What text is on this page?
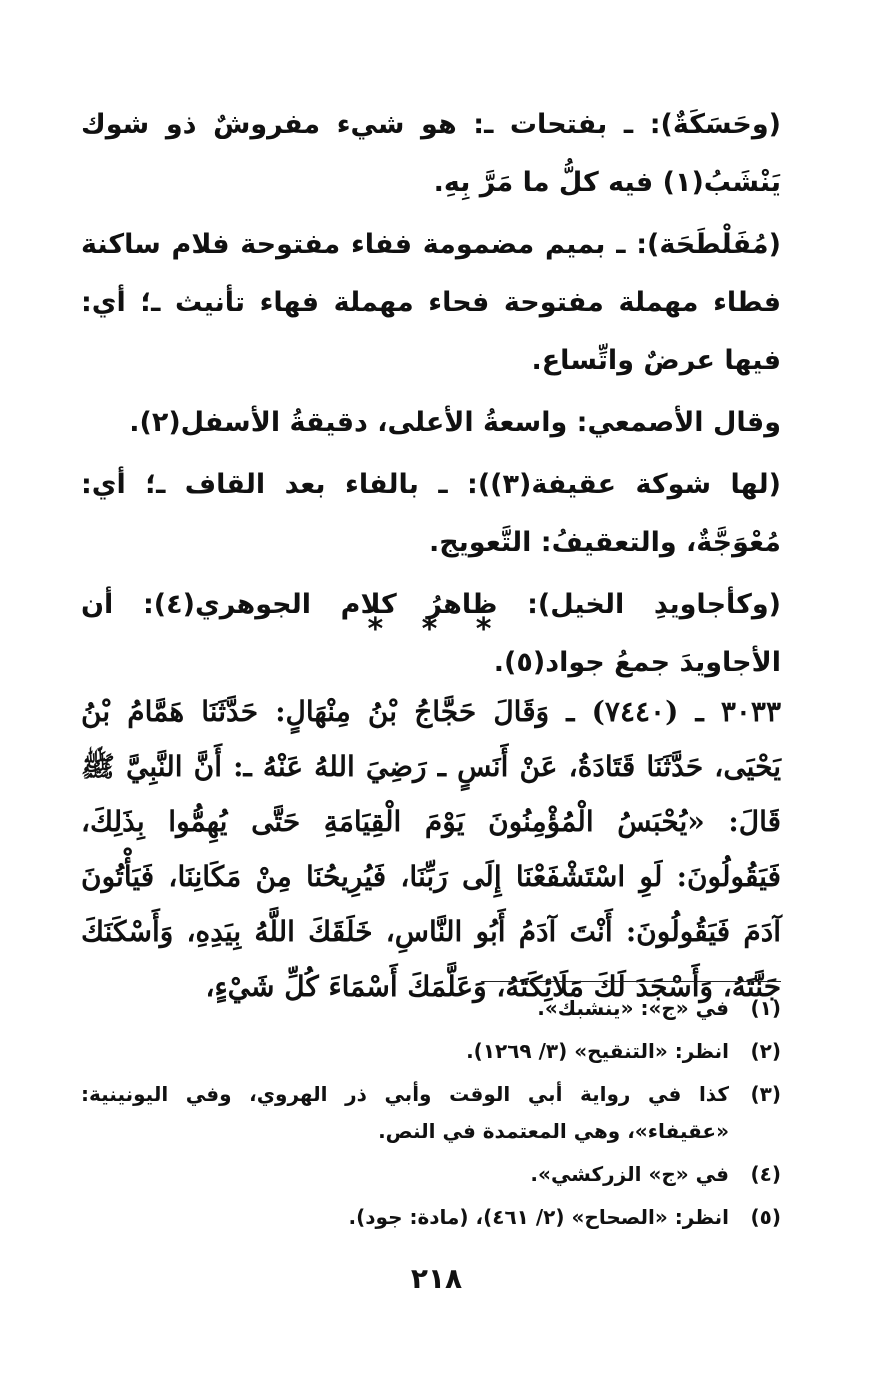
(وحَسَكَةٌ): ـ بفتحات ـ: هو شيء مفروشٌ ذو شوك يَنْشَبُ(١) فيه كلُّ ما مَرَّ بِهِ.

(مُفَلْطَحَة): ـ بميم مضمومة ففاء مفتوحة فلام ساكنة فطاء مهملة مفتوحة فحاء مهملة فهاء تأنيث ـ؛ أي: فيها عرضٌ واتِّساع.

وقال الأصمعي: واسعةُ الأعلى، دقيقةُ الأسفل(٢).

(لها شوكة عقيفة(٣)): ـ بالفاء بعد القاف ـ؛ أي: مُعْوَجَّةٌ، والتعقيفُ: التَّعويج.

(وكأجاويدِ الخيل): ظاهرُ كلام الجوهري(٤): أن الأجاويدَ جمعُ جواد(٥).

* * *
٣٠٣٣ ـ (٧٤٤٠) ـ وَقَالَ حَجَّاجُ بْنُ مِنْهَالٍ: حَدَّثَنَا هَمَّامُ بْنُ يَحْيَى، حَدَّثَنَا قَتَادَةُ، عَنْ أَنَسٍ ـ رَضِيَ اللهُ عَنْهُ ـ: أَنَّ النَّبِيَّ ﷺ قَالَ: «يُحْبَسُ الْمُؤْمِنُونَ يَوْمَ الْقِيَامَةِ حَتَّى يُهِمُّوا بِذَلِكَ، فَيَقُولُونَ: لَوِ اسْتَشْفَعْنَا إِلَى رَبِّنَا، فَيُرِيحُنَا مِنْ مَكَانِنَا، فَيَأْتُونَ آدَمَ فَيَقُولُونَ: أَنْتَ آدَمُ أَبُو النَّاسِ، خَلَقَكَ اللَّهُ بِيَدِهِ، وَأَسْكَنَكَ جَنَّتَهُ، وَأَسْجَدَ لَكَ مَلَائِكَتَهُ، وَعَلَّمَكَ أَسْمَاءَ كُلِّ شَيْءٍ،
(١)
في «ج»: «ينشبك».
(٢)
انظر: «التنقيح» (٣/ ١٢٦٩).
(٣)
كذا في رواية أبي الوقت وأبي ذر الهروي، وفي اليونينية: «عقيفاء»، وهي المعتمدة في النص.
(٤)
في «ج» الزركشي».
(٥)
انظر: «الصحاح» (٢/ ٤٦١)، (مادة: جود).
٢١٨
